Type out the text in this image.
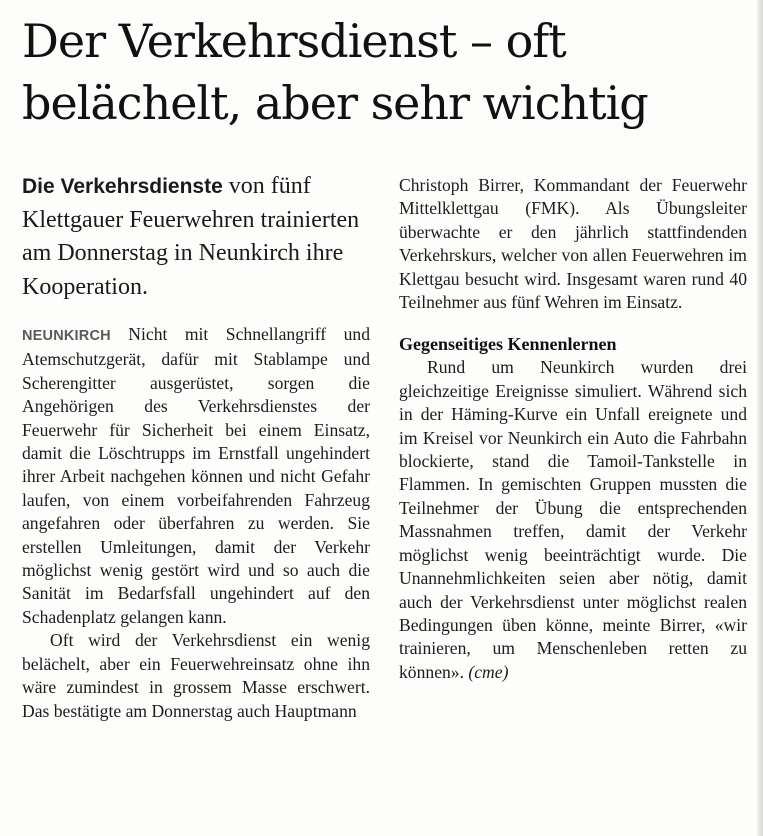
Der Verkehrsdienst – oft belächelt, aber sehr wichtig

Die Verkehrsdienste von fünf Klettgauer Feuerwehren trainierten am Donnerstag in Neunkirch ihre Kooperation.

NEUNKIRCH Nicht mit Schnellangriff und Atemschutzgerät, dafür mit Stablampe und Scherengitter ausgerüstet, sorgen die Angehörigen des Verkehrsdienstes der Feuerwehr für Sicherheit bei einem Einsatz, damit die Löschtrupps im Ernstfall ungehindert ihrer Arbeit nachgehen können und nicht Gefahr laufen, von einem vorbeifahrenden Fahrzeug angefahren oder überfahren zu werden. Sie erstellen Umleitungen, damit der Verkehr möglichst wenig gestört wird und so auch die Sanität im Bedarfsfall ungehindert auf den Schadenplatz gelangen kann.

Oft wird der Verkehrsdienst ein wenig belächelt, aber ein Feuerwehreinsatz ohne ihn wäre zumindest in grossem Masse erschwert. Das bestätigte am Donnerstag auch Hauptmann

Christoph Birrer, Kommandant der Feuerwehr Mittelklettgau (FMK). Als Übungsleiter überwachte er den jährlich stattfindenden Verkehrskurs, welcher von allen Feuerwehren im Klettgau besucht wird. Insgesamt waren rund 40 Teilnehmer aus fünf Wehren im Einsatz.

Gegenseitiges Kennenlernen

Rund um Neunkirch wurden drei gleichzeitige Ereignisse simuliert. Während sich in der Häming-Kurve ein Unfall ereignete und im Kreisel vor Neunkirch ein Auto die Fahrbahn blockierte, stand die Tamoil-Tankstelle in Flammen. In gemischten Gruppen mussten die Teilnehmer der Übung die entsprechenden Massnahmen treffen, damit der Verkehr möglichst wenig beeinträchtigt wurde. Die Unannehmlichkeiten seien aber nötig, damit auch der Verkehrsdienst unter möglichst realen Bedingungen üben könne, meinte Birrer, «wir trainieren, um Menschenleben retten zu können». (cme)
